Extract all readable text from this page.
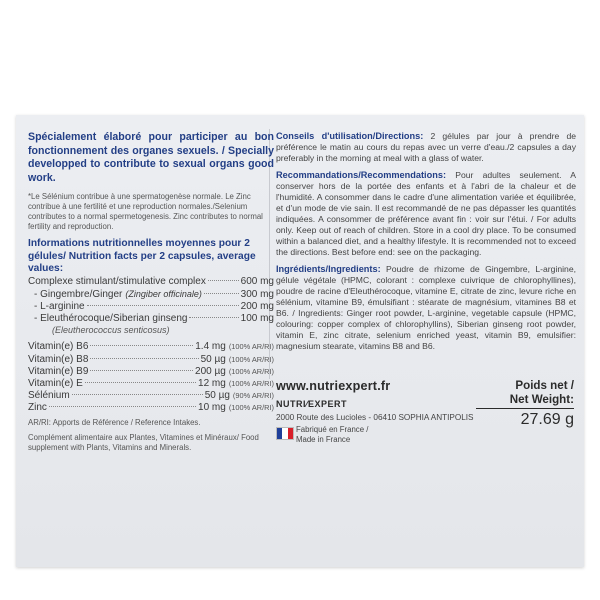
Spécialement élaboré pour participer au bon fonctionnement des organes sexuels. / Specially developped to contribute to sexual organs good work.

*Le Sélénium contribue à une spermatogenèse normale. Le Zinc contribue à une fertilité et une reproduction normales./Selenium contributes to a normal spermetogenesis. Zinc contributes to normal fertility and reproduction.

Informations nutritionnelles moyennes pour 2 gélules/ Nutrition facts per 2 capsules, average values:
Complexe stimulant/stimulative complex	600 mg
- Gingembre/Ginger (Zingiber officinale)	300 mg
- L-arginine	200 mg
- Eleuthérocoque/Siberian ginseng	100 mg
(Eleutherococcus senticosus)
Vitamin(e) B6	1.4 mg (100% AR/RI)
Vitamin(e) B8	50 µg (100% AR/RI)
Vitamin(e) B9	200 µg (100% AR/RI)
Vitamin(e) E	12 mg (100% AR/RI)
Sélénium	50 µg (90% AR/RI)
Zinc	10 mg (100% AR/RI)

AR/RI: Apports de Référence / Reference Intakes.

Complément alimentaire aux Plantes, Vitamines et Minéraux/ Food supplement with Plants, Vitamins and Minerals.

Conseils d'utilisation/Directions: 2 gélules par jour à prendre de préférence le matin au cours du repas avec un verre d'eau./2 capsules a day preferably in the morning at meal with a glass of water.

Recommandations/Recommendations: Pour adultes seulement. A conserver hors de la portée des enfants et à l'abri de la chaleur et de l'humidité. A consommer dans le cadre d'une alimentation variée et équilibrée, et d'un mode de vie sain. Il est recommandé de ne pas dépasser les quantités indiquées. A consommer de préférence avant fin : voir sur l'étui. / For adults only. Keep out of reach of children. Store in a cool dry place. To be consumed within a balanced diet, and a healthy lifestyle. It is recommended not to exceed the directions. Best before end: see on the packaging.

Ingrédients/Ingredients: Poudre de rhizome de Gingembre, L-arginine, gélule végétale (HPMC, colorant : complexe cuivrique de chlorophyllines), poudre de racine d'Eleuthérocoque, vitamine E, citrate de zinc, levure riche en sélénium, vitamine B9, émulsifiant : stéarate de magnésium, vitamines B8 et B6. / Ingredients: Ginger root powder, L-arginine, vegetable capsule (HPMC, colouring: copper complex of chlorophyllins), Siberian ginseng root powder, vitamin E, zinc citrate, selenium enriched yeast, vitamin B9, emulsifier: magnesium stearate, vitamins B8 and B6.

www.nutriexpert.fr
NUTRI⁄EXPERT
2000 Route des Lucioles - 06410 SOPHIA ANTIPOLIS
Fabriqué en France /
Made in France
Poids net /
Net Weight:
27.69 g
